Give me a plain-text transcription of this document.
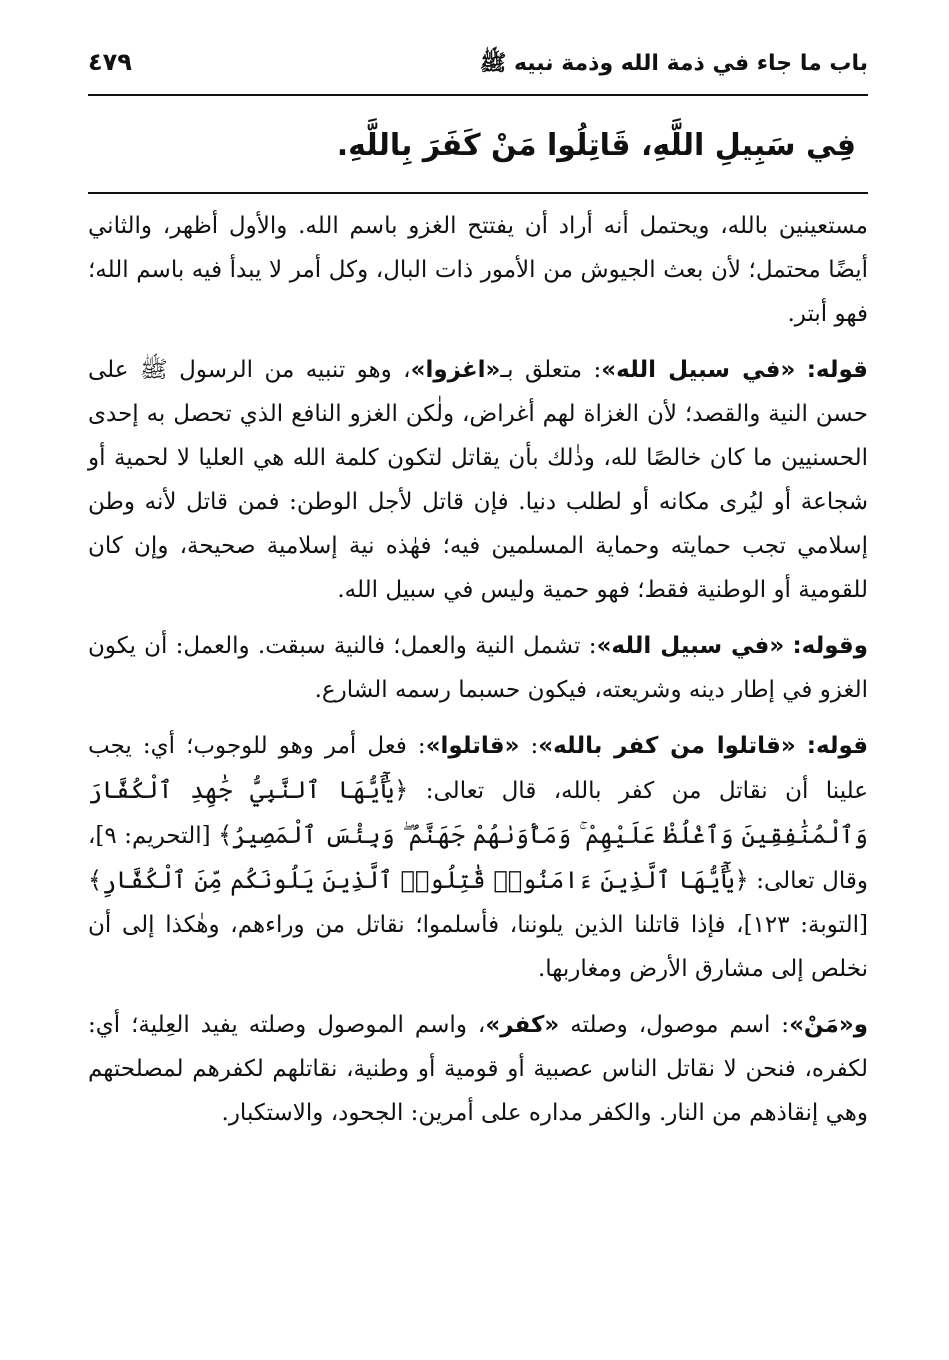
باب ما جاء في ذمة الله وذمة نبيه ﷺ
٤٧٩
فِي سَبِيلِ اللَّهِ، قَاتِلُوا مَنْ كَفَرَ بِاللَّهِ.

مستعينين بالله، ويحتمل أنه أراد أن يفتتح الغزو باسم الله. والأول أظهر، والثاني أيضًا محتمل؛ لأن بعث الجيوش من الأمور ذات البال، وكل أمر لا يبدأ فيه باسم الله؛ فهو أبتر.

قوله: «في سبيل الله»: متعلق بـ«اغزوا»، وهو تنبيه من الرسول ﷺ على حسن النية والقصد؛ لأن الغزاة لهم أغراض، ولٰكن الغزو النافع الذي تحصل به إحدى الحسنيين ما كان خالصًا لله، وذٰلك بأن يقاتل لتكون كلمة الله هي العليا لا لحمية أو شجاعة أو ليُرى مكانه أو لطلب دنيا. فإن قاتل لأجل الوطن: فمن قاتل لأنه وطن إسلامي تجب حمايته وحماية المسلمين فيه؛ فهٰذه نية إسلامية صحيحة، وإن كان للقومية أو الوطنية فقط؛ فهو حمية وليس في سبيل الله.

وقوله: «في سبيل الله»: تشمل النية والعمل؛ فالنية سبقت. والعمل: أن يكون الغزو في إطار دينه وشريعته، فيكون حسبما رسمه الشارع.

قوله: «قاتلوا من كفر بالله»: «قاتلوا»: فعل أمر وهو للوجوب؛ أي: يجب علينا أن نقاتل من كفر بالله، قال تعالى: ﴿يَٰٓأَيُّهَا ٱلنَّبِيُّ جَٰهِدِ ٱلْكُفَّارَ وَٱلْمُنَٰفِقِينَ وَٱغْلُظْ عَلَيْهِمْ ۚ وَمَأْوَىٰهُمْ جَهَنَّمُ ۖ وَبِئْسَ ٱلْمَصِيرُ﴾ [التحريم: ٩]، وقال تعالى: ﴿يَٰٓأَيُّهَا ٱلَّذِينَ ءَامَنُوا۟ قَٰتِلُوا۟ ٱلَّذِينَ يَلُونَكُم مِّنَ ٱلْكُفَّارِ﴾ [التوبة: ١٢٣]، فإذا قاتلنا الذين يلوننا، فأسلموا؛ نقاتل من وراءهم، وهٰكذا إلى أن نخلص إلى مشارق الأرض ومغاربها.

و«مَنْ»: اسم موصول، وصلته «كفر»، واسم الموصول وصلته يفيد العِلية؛ أي: لكفره، فنحن لا نقاتل الناس عصبية أو قومية أو وطنية، نقاتلهم لكفرهم لمصلحتهم وهي إنقاذهم من النار. والكفر مداره على أمرين: الجحود، والاستكبار.
